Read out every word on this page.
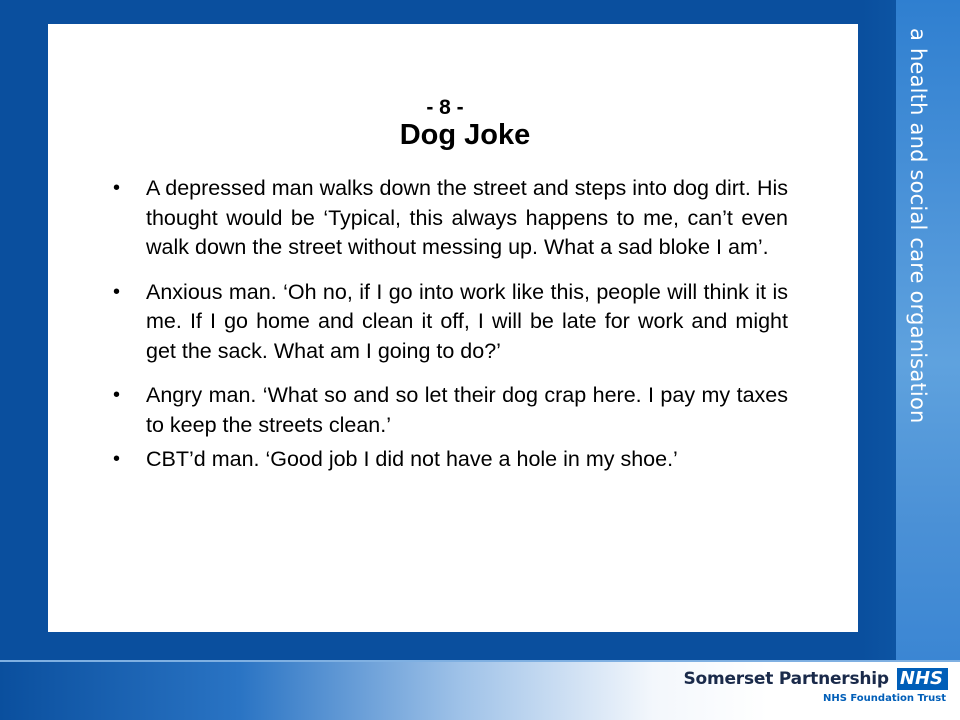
a health and social care organisation
- 8 -
Dog Joke
• A depressed man walks down the street and steps into dog dirt. His thought would be ‘Typical, this always happens to me, can’t even walk down the street without messing up. What a sad bloke I am’.
• Anxious man. ‘Oh no, if I go into work like this, people will think it is me. If I go home and clean it off, I will be late for work and might get the sack. What am I going to do?’
• Angry man. ‘What so and so let their dog crap here. I pay my taxes to keep the streets clean.’
• CBT’d man. ‘Good job I did not have a hole in my shoe.’
Somerset Partnership NHS
NHS Foundation Trust
